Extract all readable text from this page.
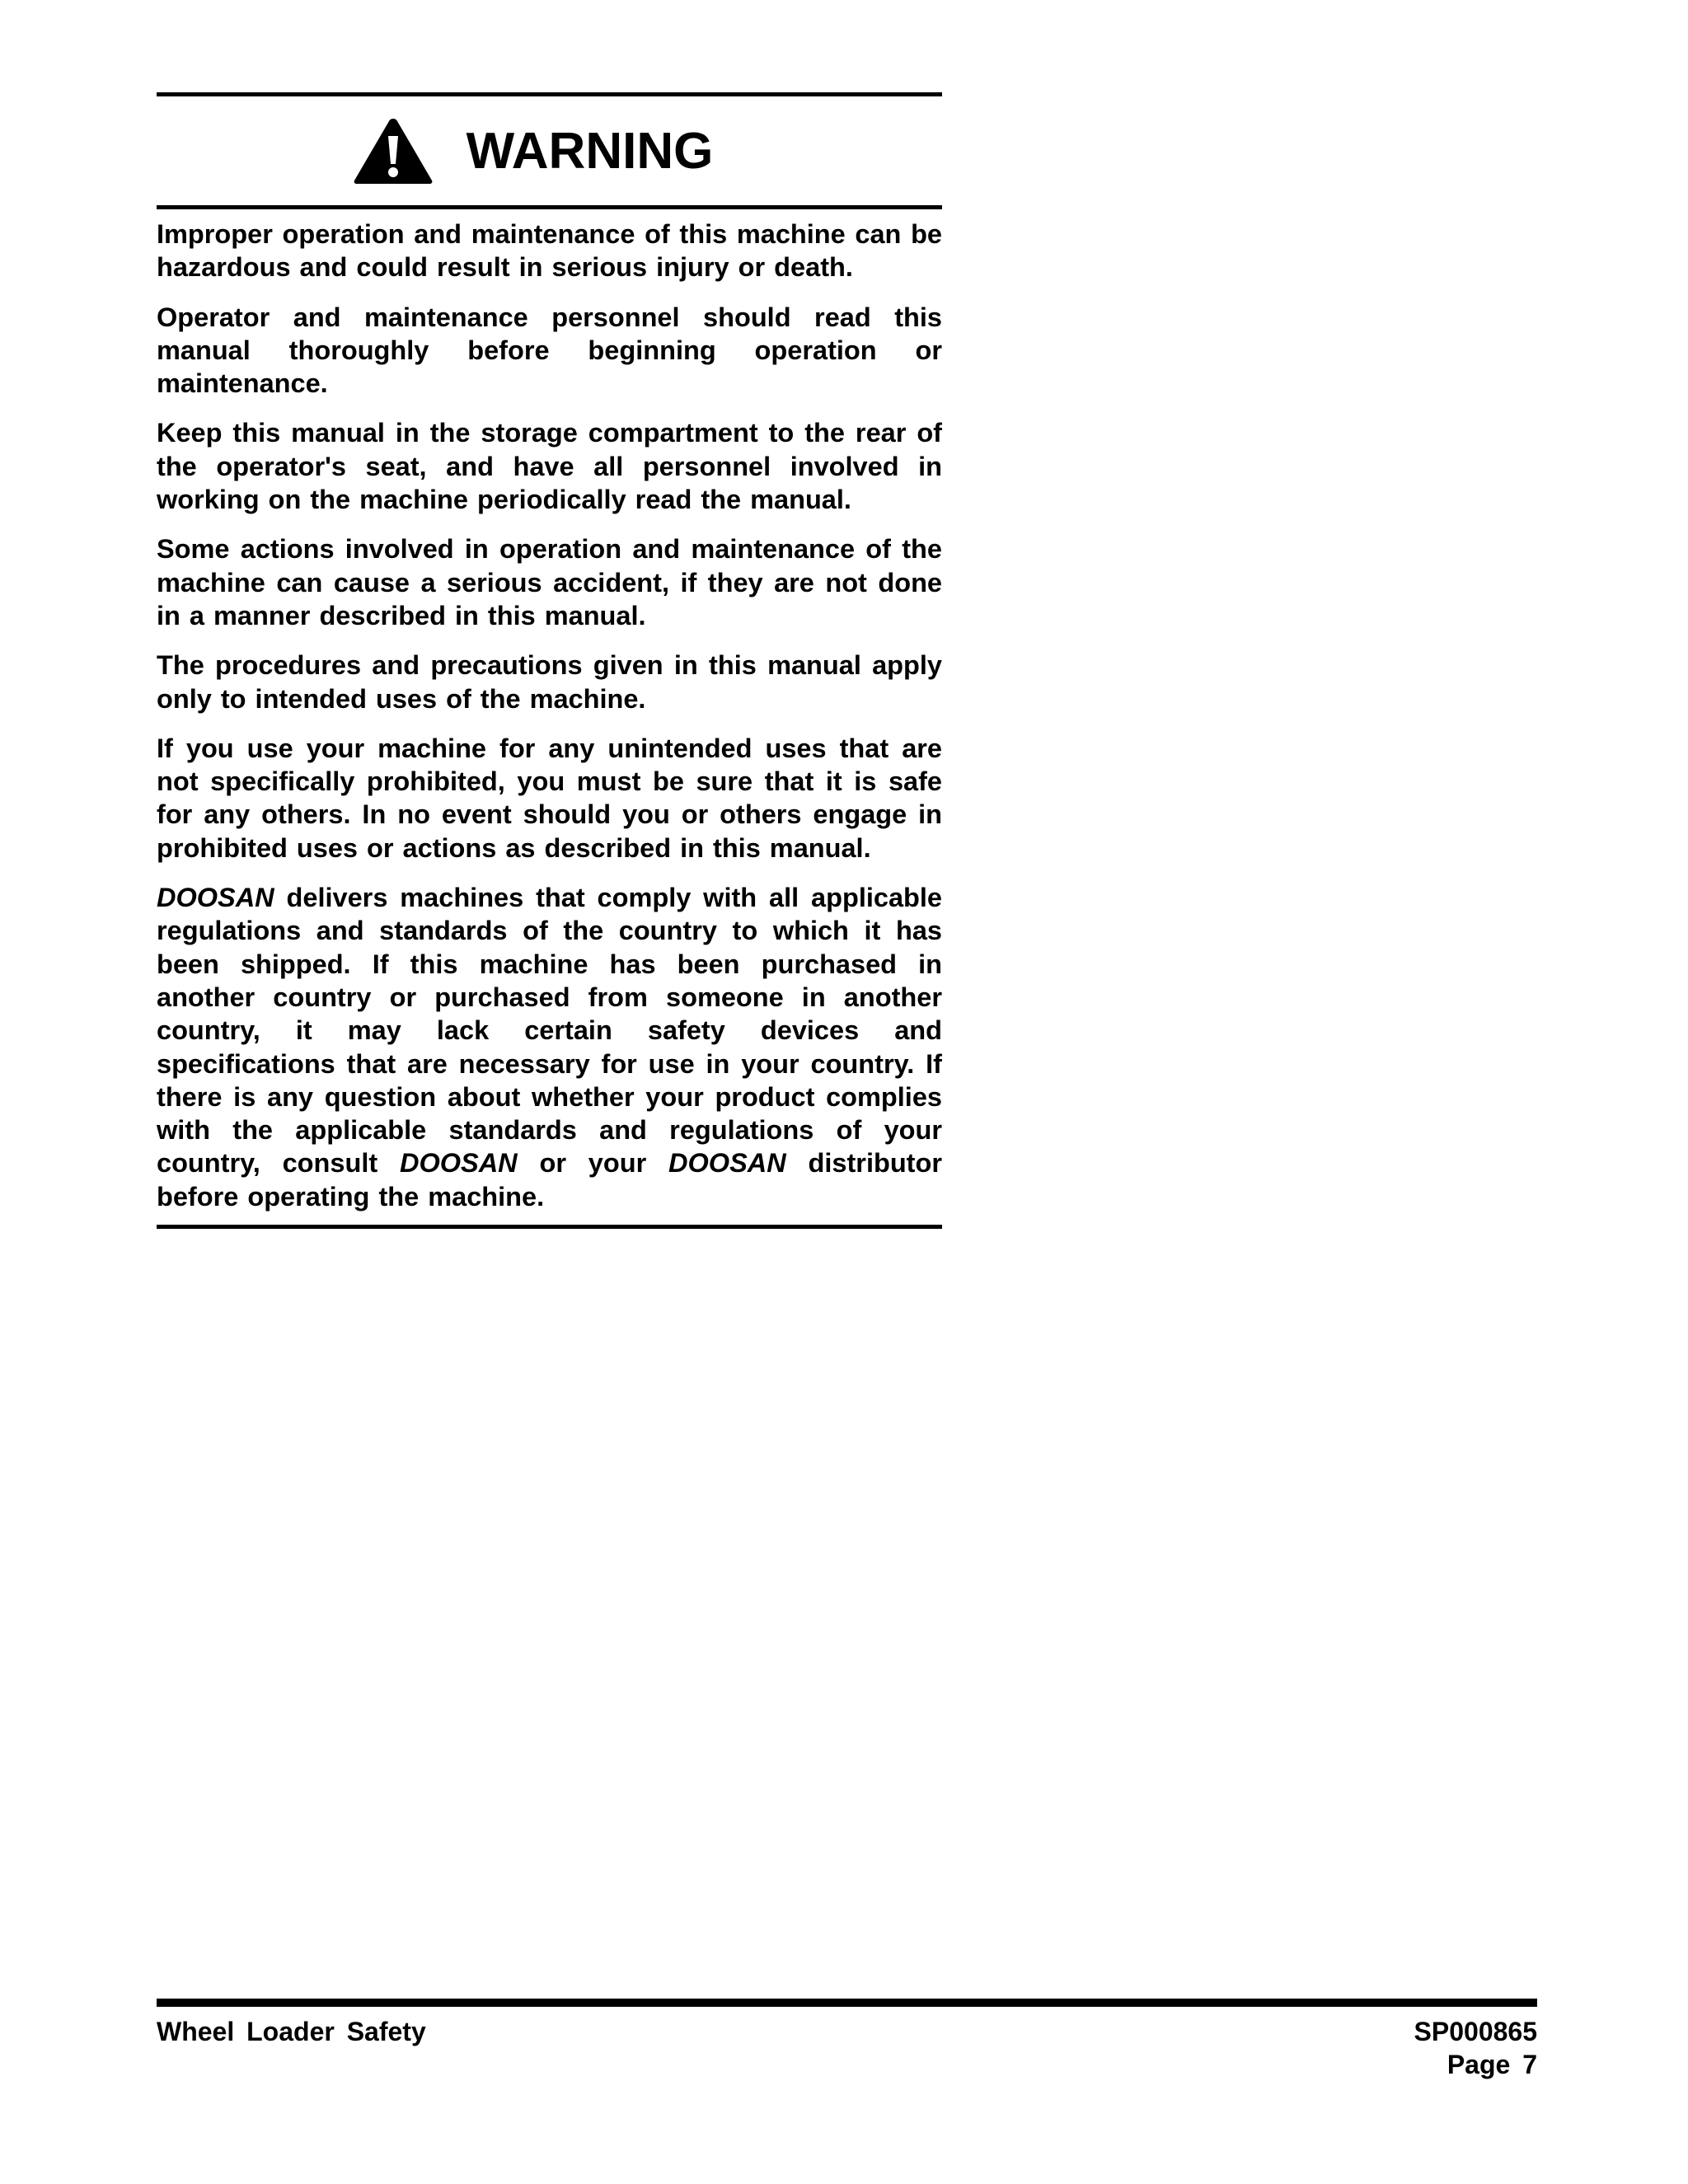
WARNING

Improper operation and maintenance of this machine can be hazardous and could result in serious injury or death.

Operator and maintenance personnel should read this manual thoroughly before beginning operation or maintenance.

Keep this manual in the storage compartment to the rear of the operator's seat, and have all personnel involved in working on the machine periodically read the manual.

Some actions involved in operation and maintenance of the machine can cause a serious accident, if they are not done in a manner described in this manual.

The procedures and precautions given in this manual apply only to intended uses of the machine.

If you use your machine for any unintended uses that are not specifically prohibited, you must be sure that it is safe for any others. In no event should you or others engage in prohibited uses or actions as described in this manual.

DOOSAN delivers machines that comply with all applicable regulations and standards of the country to which it has been shipped. If this machine has been purchased in another country or purchased from someone in another country, it may lack certain safety devices and specifications that are necessary for use in your country. If there is any question about whether your product complies with the applicable standards and regulations of your country, consult DOOSAN or your DOOSAN distributor before operating the machine.

Wheel Loader Safety	SP000865
Page 7
